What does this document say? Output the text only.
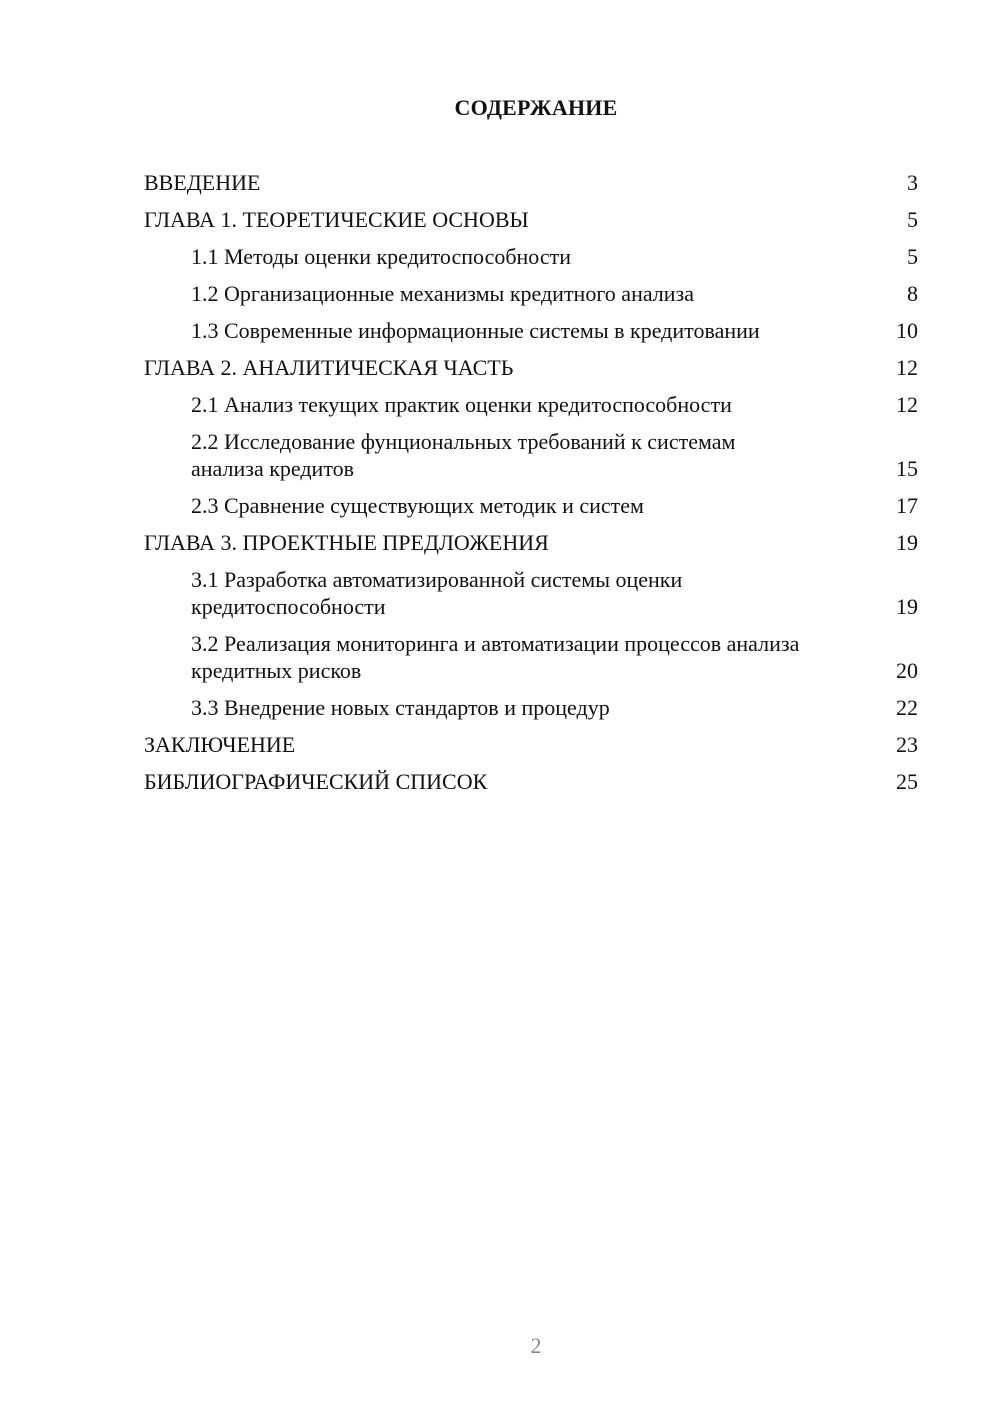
СОДЕРЖАНИЕ
ВВЕДЕНИЕ	3
ГЛАВА 1. ТЕОРЕТИЧЕСКИЕ ОСНОВЫ	5
1.1 Методы оценки кредитоспособности	5
1.2 Организационные механизмы кредитного анализа	8
1.3 Современные информационные системы в кредитовании	10
ГЛАВА 2. АНАЛИТИЧЕСКАЯ ЧАСТЬ	12
2.1 Анализ текущих практик оценки кредитоспособности	12
2.2 Исследование фунциональных требований к системам анализа кредитов	15
2.3 Сравнение существующих методик и систем	17
ГЛАВА 3. ПРОЕКТНЫЕ ПРЕДЛОЖЕНИЯ	19
3.1 Разработка автоматизированной системы оценки кредитоспособности	19
3.2 Реализация мониторинга и автоматизации процессов анализа кредитных рисков	20
3.3 Внедрение новых стандартов и процедур	22
ЗАКЛЮЧЕНИЕ	23
БИБЛИОГРАФИЧЕСКИЙ СПИСОК	25
2
